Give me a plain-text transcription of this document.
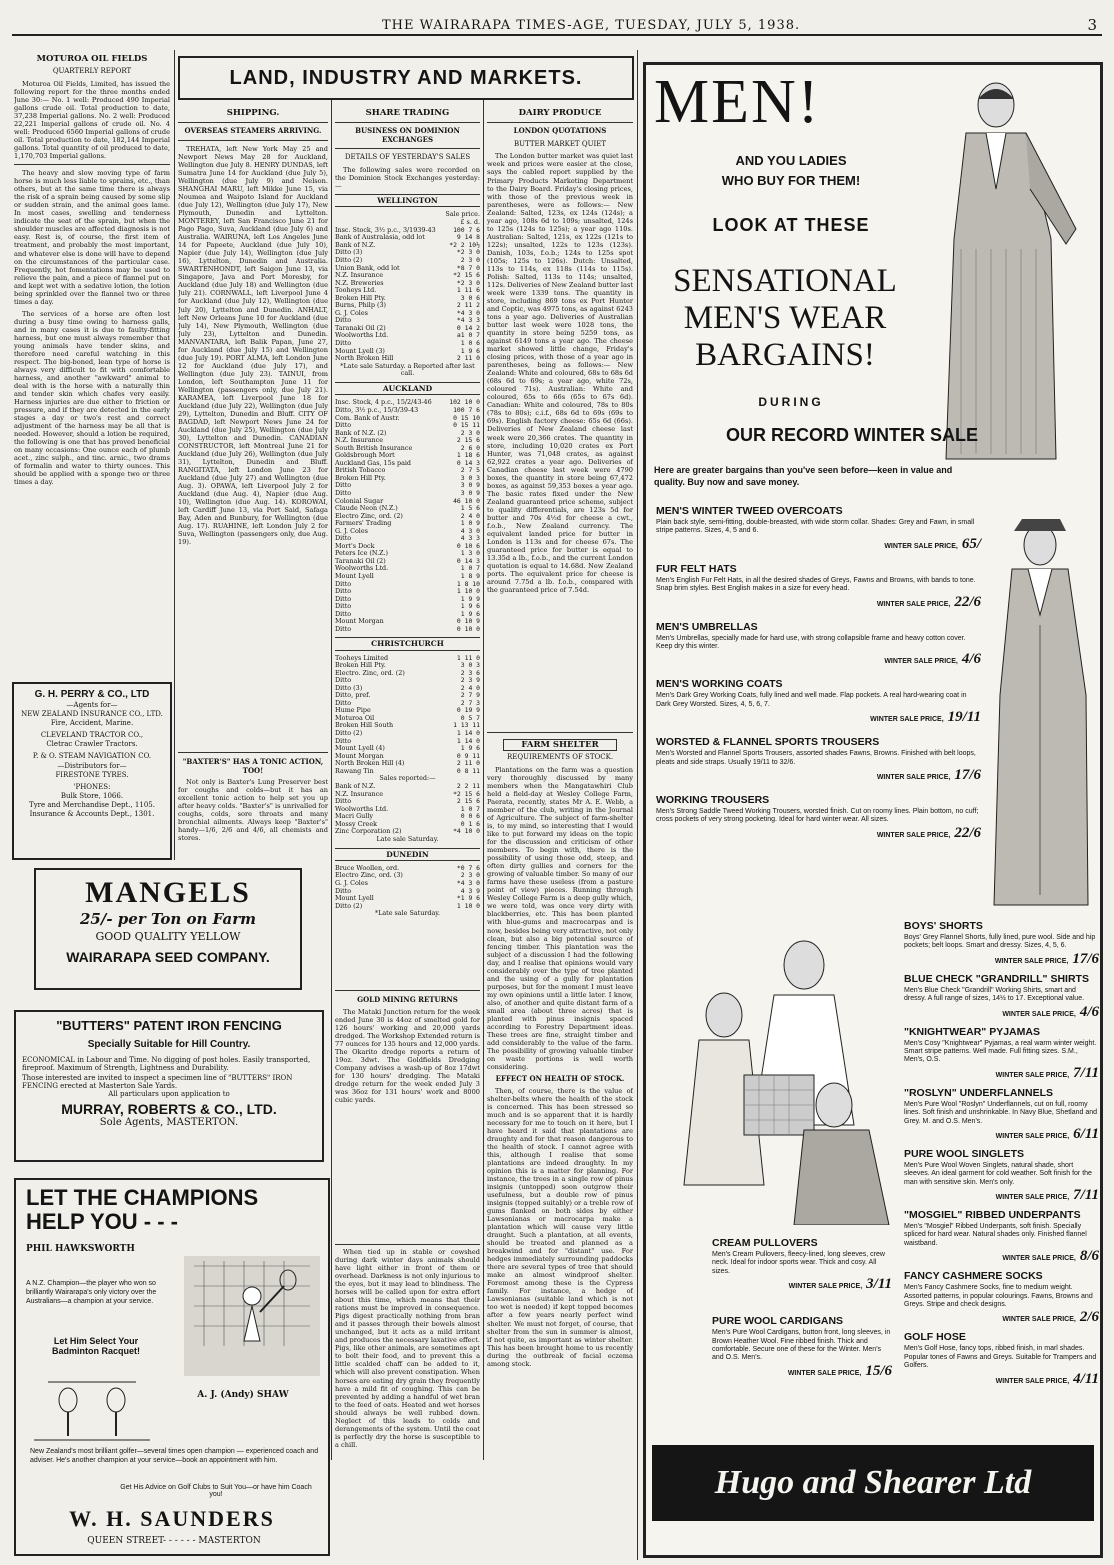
THE WAIRARAPA TIMES-AGE, TUESDAY, JULY 5, 1938.	3
MOTUROA OIL FIELDS
QUARTERLY REPORT

Moturoa Oil Fields, Limited, has issued the following report for the three months ended June 30:— No. 1 well: Produced 490 Imperial gallons crude oil. Total production to date, 37,238 Imperial gallons. No. 2 well: Produced 22,221 Imperial gallons of crude oil. No. 4 well: Produced 6560 Imperial gallons of crude oil. Total production to date, 182,144 Imperial gallons. Total quantity of oil produced to date, 1,170,703 Imperial gallons.

The heavy and slow moving type of farm horse is much less liable to sprains, etc., than others, but at the same time there is always the risk of a sprain being caused by some slip or sudden strain, and the animal goes lame. In most cases, swelling and tenderness indicate the seat of the sprain, but when the shoulder muscles are affected diagnosis is not easy. Rest is, of course, the first item of treatment, and probably the most important, and whatever else is done will have to depend on the circumstances of the particular case. Frequently, hot fomentations may be used to relieve the pain, and a piece of flannel put on and kept wet with a sedative lotion, the lotion being sprinkled over the flannel two or three times a day.

The services of a horse are often lost during a busy time owing to harness galls, and in many cases it is due to faulty-fitting harness, but one must always remember that young animals have tender skins, and therefore need careful watching in this respect. The big-boned, lean type of horse is always very difficult to fit with comfortable harness, and another "awkward" animal to deal with is the horse with a naturally thin and tender skin which chafes very easily. Harness injuries are due either to friction or pressure, and if they are detected in the early stages a day or two's rest and correct adjustment of the harness may be all that is needed. However, should a lotion be required, the following is one that has proved beneficial on many occasions: One ounce each of plumb acet., zinc sulph., and tinc. arnic., two drams of formalin and water to thirty ounces. This should be applied with a sponge two or three times a day.

G. H. PERRY & CO., LTD
—Agents for—
NEW ZEALAND INSURANCE CO., LTD.
Fire, Accident, Marine.
CLEVELAND TRACTOR CO.,
Cletrac Crawler Tractors.
P. & O. STEAM NAVIGATION CO.
—Distributors for—
FIRESTONE TYRES.
'PHONES:
Bulk Store, 1066.
Tyre and Merchandise Dept., 1105.
Insurance & Accounts Dept., 1301.
MANGELS
25/- per Ton on Farm
GOOD QUALITY YELLOW
WAIRARAPA SEED COMPANY.
"BUTTERS" PATENT IRON FENCING
Specially Suitable for Hill Country.
ECONOMICAL in Labour and Time. No digging of post holes. Easily transported, fireproof. Maximum of Strength, Lightness and Durability.
Those interested are invited to inspect a specimen line of "BUTTERS" IRON FENCING erected at Masterton Sale Yards.
All particulars upon application to
MURRAY, ROBERTS & CO., LTD.
Sole Agents, MASTERTON.
LET THE CHAMPIONS
HELP YOU - - -
PHIL HAWKSWORTH
A N.Z. Champion—the player who won so brilliantly Wairarapa's only victory over the Australians—a champion at your service.
Let Him Select Your Badminton Racquet!
A. J. (Andy) SHAW
New Zealand's most brilliant golfer—several times open champion — experienced coach and adviser. He's another champion at your service—book an appointment with him.
Get His Advice on Golf Clubs to Suit You—or have him Coach you!
W. H. SAUNDERS
QUEEN STREET- - - - - - MASTERTON
LAND, INDUSTRY AND MARKETS.
SHIPPING.
OVERSEAS STEAMERS ARRIVING.

TREHATA, left New York May 25 and Newport News May 28 for Auckland, Wellington due July 8. HENRY DUNDAS, left Sumatra June 14 for Auckland (due July 5), Wellington (due July 9) and Nelson. SHANGHAI MARU, left Mikke June 15, via Noumea and Waipoto Island for Auckland (due July 12), Wellington (due July 17), New Plymouth, Dunedin and Lyttelton. MONTEREY, left San Francisco June 21 for Pago Pago, Suva, Auckland (due July 6) and Australia. WAIRUNA, left Los Angeles June 14 for Papeete, Auckland (due July 10), Napier (due July 14), Wellington (due July 16), Lyttelton, Dunedin and Australia. SWARTENHONDT, left Saigon June 13, via Singapore, Java and Port Moresby, for Auckland (due July 18) and Wellington (due July 21). CORNWALL, left Liverpool June 4 for Auckland (due July 12), Wellington (due July 20), Lyttelton and Dunedin. ANHALT, left New Orleans June 10 for Auckland (due July 14), New Plymouth, Wellington (due July 23), Lyttelton and Dunedin. MANVANTARA, left Balik Papan, June 27, for Auckland (due July 15) and Wellington (due July 19). PORT ALMA, left London June 12 for Auckland (due July 17), and Wellington (due July 23). TAINUI, from London, left Southampton June 11 for Wellington (passengers only, due July 21). KARAMEA, left Liverpool June 18 for Auckland (due July 22), Wellington (due July 29), Lyttelton, Dunedin and Bluff. CITY OF BAGDAD, left Newport News June 24 for Auckland (due July 25), Wellington (due July 30), Lyttelton and Dunedin. CANADIAN CONSTRUCTOR, left Montreal June 21 for Auckland (due July 26), Wellington (due July 31), Lyttelton, Dunedin and Bluff. RANGITATA, left London June 23 for Auckland (due July 27) and Wellington (due Aug. 3). OPAWA, left Liverpool July 2 for Auckland (due Aug. 4), Napier (due Aug. 10), Wellington (due Aug. 14). KOROWAI, left Cardiff June 13, via Port Said, Safaga Bay, Aden and Bunbury, for Wellington (due Aug. 17). RUAHINE, left London July 2 for Suva, Wellington (passengers only, due Aug. 19).

"BAXTER'S" HAS A TONIC ACTION, TOO!

Not only is Baxter's Lung Preserver best for coughs and colds—but it has an excellent tonic action to help set you up after heavy colds. "Baxter's" is unrivalled for coughs, colds, sore throats and many bronchial ailments. Always keep "Baxter's" handy—1/6, 2/6 and 4/6, all chemists and stores.

SHARE TRADING
BUSINESS ON DOMINION EXCHANGES
DETAILS OF YESTERDAY'S SALES

The following sales were recorded on the Dominion Stock Exchanges yesterday:—

WELLINGTON
Sale price.
£ s. d.
Insc. Stock, 3½ p.c., 3/1939-43	100 7 6
Bank of Australasia, odd lot	9 14 8
Bank of N.Z.	*2 2 10½
Ditto (3)	*2 3 0
Ditto (2)	2 3 0
Union Bank, odd lot	*8 7 0
N.Z. Insurance	*2 15 6
N.Z. Breweries	*2 3 0
Tooheys Ltd.	1 11 6
Broken Hill Pty.	3 0 6
Burns, Philp (3)	2 11 2
G. J. Coles	*4 3 0
Ditto	*4 3 3
Taranaki Oil (2)	0 14 2
Woolworths Ltd.	a1 0 7
Ditto	1 0 6
Mount Lyell (3)	1 9 6
North Broken Hill	2 11 0
*Late sale Saturday. a Reported after last call.
AUCKLAND
Insc. Stock, 4 p.c., 15/2/43-46	102 10 0
Ditto, 3½ p.c., 15/3/39-43	100 7 6
Com. Bank of Austr.	0 15 10
Ditto	0 15 11
Bank of N.Z. (2)	2 3 0
N.Z. Insurance	2 15 6
South British Insurance	2 6 0
Goldsbrough Mort	1 18 6
Auckland Gas, 15s paid	0 14 3
British Tobacco	2 7 5
Broken Hill Pty.	3 0 3
Ditto	3 0 9
Ditto	3 0 9
Colonial Sugar	46 10 0
Claude Neon (N.Z.)	1 5 6
Electro Zinc, ord. (2)	2 4 0
Farmers' Trading	1 0 9
G. J. Coles	4 3 0
Ditto	4 3 3
Mort's Dock	0 10 6
Peters Ice (N.Z.)	1 3 0
Taranaki Oil (2)	0 14 3
Woolworths Ltd.	1 0 7
Mount Lyell	1 8 9
Ditto	1 8 10
Ditto	1 10 0
Ditto	1 9 9
Ditto	1 9 6
Ditto	1 9 6
Mount Morgan	0 10 9
Ditto	0 10 0
CHRISTCHURCH
Tooheys Limited	1 11 0
Broken Hill Pty.	3 0 3
Electro. Zinc, ord. (2)	2 3 6
Ditto	2 3 9
Ditto (3)	2 4 0
Ditto, pref.	2 7 9
Ditto	2 7 3
Hume Pipe	0 19 9
Moturoa Oil	0 5 7
Broken Hill South	1 13 11
Ditto (2)	1 14 0
Ditto	1 14 0
Mount Lyell (4)	1 9 6
Mount Morgan	0 9 11
North Broken Hill (4)	2 11 0
Rawang Tin	0 8 11
Sales reported:—
Bank of N.Z.	2 2 11
N.Z. Insurance	*2 15 6
Ditto	2 15 6
Woolworths Ltd.	1 0 7
Macri Gully	0 0 6
Mossy Creek	0 1 6
Zinc Corporation (2)	*4 10 0
Late sale Saturday.
DUNEDIN
Bruce Woollen, ord.	*0 7 6
Electro Zinc, ord. (3)	2 3 0
G. J. Coles	*4 3 0
Ditto	4 3 9
Mount Lyell	*1 9 6
Ditto (2)	1 10 0
*Late sale Saturday.
GOLD MINING RETURNS

The Mataki Junction return for the week ended June 30 is 44oz of smelted gold for 126 hours' working and 20,000 yards dredged. The Workshop Extended return is 77 ounces for 135 hours and 12,000 yards. The Okarito dredge reports a return of 19oz. 3dwt. The Goldfields Dredging Company advises a wash-up of 8oz 17dwt for 130 hours' dredging. The Mataki dredge return for the week ended July 3 was 36oz for 131 hours' work and 8000 cubic yards.

When tied up in stable or cowshed during dark winter days animals should have light either in front of them or overhead. Darkness is not only injurious to the eyes, but it may lead to blindness. The horses will be called upon for extra effort about this time, which means that their rations must be improved in consequence. Pigs digest practically nothing from bran and it passes through their bowels almost unchanged, but it acts as a mild irritant and produces the necessary laxative effect. Pigs, like other animals, are sometimes apt to bolt their food, and to prevent this a little scalded chaff can be added to it, which will also prevent constipation. When horses are eating dry grain they frequently have a mild fit of coughing. This can be prevented by adding a handful of wet bran to the feed of oats. Heated and wet horses should always be well rubbed down. Neglect of this leads to colds and derangements of the system. Until the coat is perfectly dry the horse is susceptible to a chill.

DAIRY PRODUCE
LONDON QUOTATIONS
BUTTER MARKET QUIET

The London butter market was quiet last week and prices were easier at the close, says the cabled report supplied by the Primary Products Marketing Department to the Dairy Board. Friday's closing prices, with those of the previous week in parentheses, were as follows:— New Zealand: Salted, 123s, ex 124s (124s); a year ago, 108s 6d to 109s; unsalted, 124s to 125s (124s to 125s); a year ago 110s. Australian: Salted, 121s, ex 122s (121s to 122s); unsalted, 122s to 123s (123s). Danish, 103s, f.o.b.; 124s to 125s spot (105s; 125s to 126s). Dutch: Unsalted, 113s to 114s, ex 118s (114s to 115s). Polish: Salted, 113s to 114s; unsalted, 112s. Deliveries of New Zealand butter last week were 1339 tons. The quantity in store, including 869 tons ex Port Hunter and Coptic, was 4975 tons, as against 6243 tons a year ago. Deliveries of Australian butter last week were 1028 tons, the quantity in store being 5259 tons, as against 6149 tons a year ago. The cheese market showed little change, Friday's closing prices, with those of a year ago in parentheses, being as follows:— New Zealand: White and coloured, 68s to 68s 6d (68s 6d to 69s; a year ago, white 72s, coloured 71s). Australian: White and coloured, 65s to 66s (65s to 67s 6d). Canadian: White and coloured, 78s to 80s (78s to 80s); c.i.f., 68s 6d to 69s (69s to 69s). English factory cheese: 65s 6d (66s). Deliveries of New Zealand cheese last week were 20,366 crates. The quantity in store, including 10,020 crates ex Port Hunter, was 71,048 crates, as against 62,922 crates a year ago. Deliveries of Canadian cheese last week were 4790 boxes, the quantity in store being 67,472 boxes, as against 59,353 boxes a year ago. The basic rates fixed under the New Zealand guaranteed price scheme, subject to quality differentials, are 123s 5d for butter and 70s 4½d for cheese a cwt., f.o.b., New Zealand currency. The equivalent landed price for butter in London is 113s and for cheese 67s. The guaranteed price for butter is equal to 13.35d a lb., f.o.b., and the current London quotation is equal to 14.68d. New Zealand ports. The equivalent price for cheese is around 7.75d a lb. f.o.b., compared with the guaranteed price of 7.54d.

FARM SHELTER
REQUIREMENTS OF STOCK.

Plantations on the farm was a question very thoroughly discussed by many members when the Mangatawhiri Club held a field-day at Wesley College Farm, Paerata, recently, states Mr A. E. Webb, a member of the club, writing in the Journal of Agriculture. The subject of farm-shelter is, to my mind, so interesting that I would like to put forward my ideas on the topic for the discussion and criticism of other members. To begin with, there is the possibility of using those odd, steep, and often dirty gullies and corners for the growing of valuable timber. So many of our farms have these useless (from a pasture point of view) pieces. Running through Wesley College Farm is a deep gully which, we were told, was once very dirty with blackberries, etc. This has been planted with blue-gums and macrocarpas and is now, besides being very attractive, not only clean, but also a big potential source of fencing timber. This plantation was the subject of a discussion I had the following day, and I realise that opinions would vary considerably over the type of tree planted and the using of a gully for plantation purposes, but for the moment I must leave my own opinions until a little later. I know, also, of another and quite distant farm of a small area (about three acres) that is planted with pinus insignis spaced according to Forestry Department ideas. These trees are fine, straight timber and add considerably to the value of the farm. The possibility of growing valuable timber on waste portions is well worth considering.

EFFECT ON HEALTH OF STOCK.

Then, of course, there is the value of shelter-belts where the health of the stock is concerned. This has been stressed so much and is so apparent that it is hardly necessary for me to touch on it here, but I have heard it said that plantations are draughty and for that reason dangerous to the health of stock. I cannot agree with this, although I realise that some plantations are indeed draughty. In my opinion this is a matter for planning. For instance, the trees in a single row of pinus insignis (untopped) soon outgrow their usefulness, but a double row of pinus insignis (topped suitably) or a treble row of gums flanked on both sides by either Lawsonianas or macrocarpa make a plantation which will cause very little draught. Such a plantation, at all events, should be treated and planned as a breakwind and for "distant" use. For hedges immediately surrounding paddocks there are several types of tree that should make an almost windproof shelter. Foremost among these is the Cypress family. For instance, a hedge of Lawsonianas (suitable land which is not too wet is needed) if kept topped becomes after a few years nearly perfect wind shelter. We must not forget, of course, that shelter from the sun in summer is almost, if not quite, as important as winter shelter. This has been brought home to us recently during the outbreak of facial eczema among stock.

MEN!
AND YOU LADIES
WHO BUY FOR THEM!
LOOK AT THESE
SENSATIONAL
MEN'S WEAR
BARGAINS!
DURING
OUR RECORD WINTER SALE
Here are greater bargains than you've seen before—keen in value and quality. Buy now and save money.
MEN'S WINTER TWEED OVERCOATS
Plain back style, semi-fitting, double-breasted, with wide storm collar. Shades: Grey and Fawn, in small stripe patterns. Sizes, 4, 5 and 6.
WINTER SALE PRICE, 65/
FUR FELT HATS
Men's English Fur Felt Hats, in all the desired shades of Greys, Fawns and Browns, with bands to tone. Snap brim styles. Best English makes in a size for every head.
WINTER SALE PRICE, 22/6
MEN'S UMBRELLAS
Men's Umbrellas, specially made for hard use, with strong collapsible frame and heavy cotton cover. Keep dry this winter.
WINTER SALE PRICE, 4/6
MEN'S WORKING COATS
Men's Dark Grey Working Coats, fully lined and well made. Flap pockets. A real hard-wearing coat in Dark Grey Worsted. Sizes, 4, 5, 6, 7.
WINTER SALE PRICE, 19/11
WORSTED & FLANNEL SPORTS TROUSERS
Men's Worsted and Flannel Sports Trousers, assorted shades Fawns, Browns. Finished with belt loops, pleats and side straps. Usually 19/11 to 32/6.
WINTER SALE PRICE, 17/6
WORKING TROUSERS
Men's Strong Saddle Tweed Working Trousers, worsted finish. Cut on roomy lines. Plain bottom, no cuff; cross pockets of very strong pocketing. Ideal for hard winter wear. All sizes.
WINTER SALE PRICE, 22/6
BOYS' SHORTS
Boys' Grey Flannel Shorts, fully lined, pure wool. Side and hip pockets; belt loops. Smart and dressy. Sizes, 4, 5, 6.
WINTER SALE PRICE, 17/6
BLUE CHECK "GRANDRILL" SHIRTS
Men's Blue Check "Grandrill" Working Shirts, smart and dressy. A full range of sizes, 14½ to 17. Exceptional value.
WINTER SALE PRICE, 4/6
"KNIGHTWEAR" PYJAMAS
Men's Cosy "Knightwear" Pyjamas, a real warm winter weight. Smart stripe patterns. Well made. Full fitting sizes. S.M., Men's, O.S.
WINTER SALE PRICE, 7/11
"ROSLYN" UNDERFLANNELS
Men's Pure Wool "Roslyn" Underflannels, cut on full, roomy lines. Soft finish and unshrinkable. In Navy Blue, Shetland and Grey. M. and O.S. Men's.
WINTER SALE PRICE, 6/11
PURE WOOL SINGLETS
Men's Pure Wool Woven Singlets, natural shade, short sleeves. An ideal garment for cold weather. Soft finish for the man with sensitive skin. Men's only.
WINTER SALE PRICE, 7/11
"MOSGIEL" RIBBED UNDERPANTS
Men's "Mosgiel" Ribbed Underpants, soft finish. Specially spliced for hard wear. Natural shades only. Finished flannel waistband.
WINTER SALE PRICE, 8/6
FANCY CASHMERE SOCKS
Men's Fancy Cashmere Socks, fine to medium weight. Assorted patterns, in popular colourings. Fawns, Browns and Greys. Stripe and check designs.
WINTER SALE PRICE, 2/6
GOLF HOSE
Men's Golf Hose, fancy tops, ribbed finish, in marl shades. Popular tones of Fawns and Greys. Suitable for Trampers and Golfers.
WINTER SALE PRICE, 4/11
CREAM PULLOVERS
Men's Cream Pullovers, fleecy-lined, long sleeves, crew neck. Ideal for indoor sports wear. Thick and cosy. All sizes.
WINTER SALE PRICE, 3/11
PURE WOOL CARDIGANS
Men's Pure Wool Cardigans, button front, long sleeves, in Brown Heather Wool. Fine ribbed finish. Thick and comfortable. Secure one of these for the Winter. Men's and O.S. Men's.
WINTER SALE PRICE, 15/6
Hugo and Shearer Ltd
